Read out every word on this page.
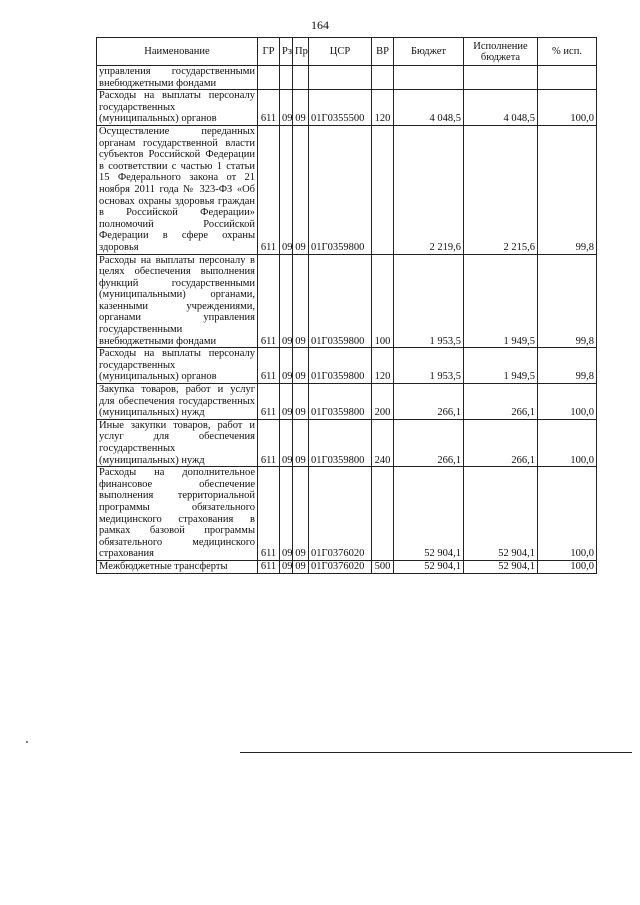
164
Наименование	ГР	Рз	Пр	ЦСР	ВР	Бюджет	Исполнение бюджета	% исп.
управления государственными внебюджетными фондами								
Расходы на выплаты персоналу государственных (муниципальных) органов	611	09	09	01Г0355500	120	4 048,5	4 048,5	100,0
Осуществление переданных органам государственной власти субъектов Российской Федерации в соответствии с частью 1 статьи 15 Федерального закона от 21 ноября 2011 года № 323-ФЗ «Об основах охраны здоровья граждан в Российской Федерации» полномочий Российской Федерации в сфере охраны здоровья	611	09	09	01Г0359800		2 219,6	2 215,6	99,8
Расходы на выплаты персоналу в целях обеспечения выполнения функций государственными (муниципальными) органами, казенными учреждениями, органами управления государственными внебюджетными фондами	611	09	09	01Г0359800	100	1 953,5	1 949,5	99,8
Расходы на выплаты персоналу государственных (муниципальных) органов	611	09	09	01Г0359800	120	1 953,5	1 949,5	99,8
Закупка товаров, работ и услуг для обеспечения государственных (муниципальных) нужд	611	09	09	01Г0359800	200	266,1	266,1	100,0
Иные закупки товаров, работ и услуг для обеспечения государственных (муниципальных) нужд	611	09	09	01Г0359800	240	266,1	266,1	100,0
Расходы на дополнительное финансовое обеспечение выполнения территориальной программы обязательного медицинского страхования в рамках базовой программы обязательного медицинского страхования	611	09	09	01Г0376020		52 904,1	52 904,1	100,0
Межбюджетные трансферты	611	09	09	01Г0376020	500	52 904,1	52 904,1	100,0
